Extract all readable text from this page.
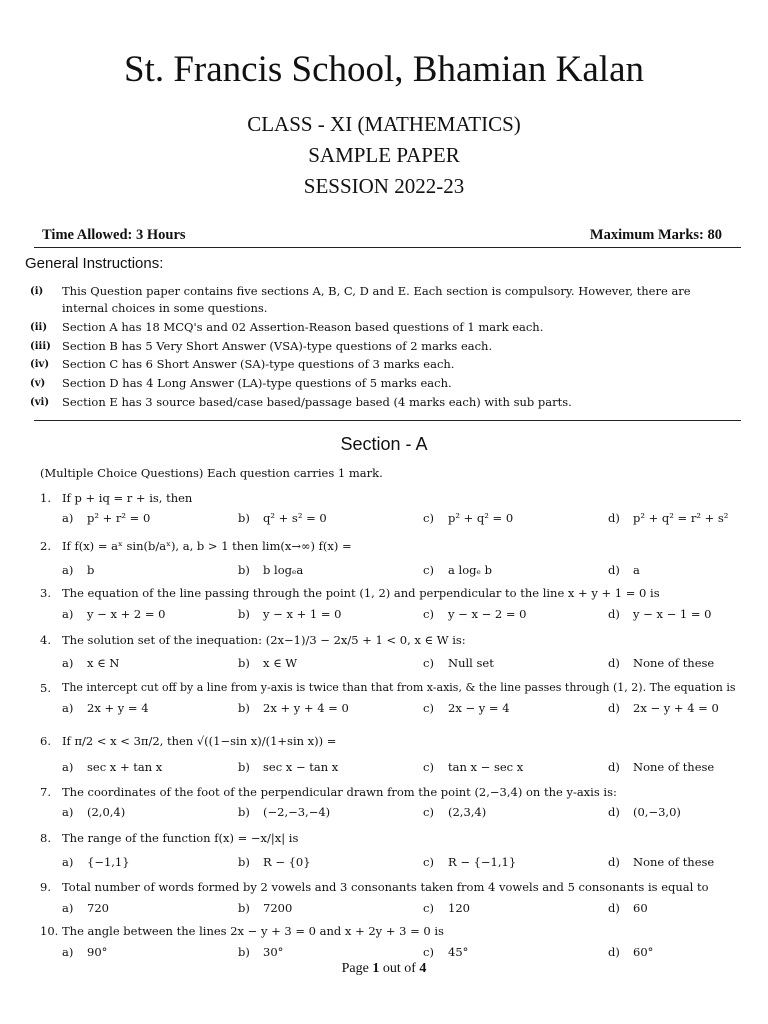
St. Francis School, Bhamian Kalan
CLASS - XI (MATHEMATICS)
SAMPLE PAPER
SESSION 2022-23
Time Allowed: 3 Hours	Maximum Marks: 80
General Instructions:
(i) This Question paper contains five sections A, B, C, D and E. Each section is compulsory. However, there are internal choices in some questions.
(ii) Section A has 18 MCQ's and 02 Assertion-Reason based questions of 1 mark each.
(iii) Section B has 5 Very Short Answer (VSA)-type questions of 2 marks each.
(iv) Section C has 6 Short Answer (SA)-type questions of 3 marks each.
(v) Section D has 4 Long Answer (LA)-type questions of 5 marks each.
(vi) Section E has 3 source based/case based/passage based (4 marks each) with sub parts.
Section - A
(Multiple Choice Questions) Each question carries 1 mark.
1. If p + iq = r + is, then
a) p² + r² = 0	b) q² + s² = 0	c) p² + q² = 0	d) p² + q² = r² + s²
2. If f(x) = aˣ sin(b/aˣ), a, b > 1 then lim(x→∞) f(x) =
a) b	b) b logₑa	c) a logₑ b	d) a
3. The equation of the line passing through the point (1, 2) and perpendicular to the line x + y + 1 = 0 is
a) y − x + 2 = 0	b) y − x + 1 = 0	c) y − x − 2 = 0	d) y − x − 1 = 0
4. The solution set of the inequation: (2x−1)/3 − 2x/5 + 1 < 0, x ∈ W is:
a) x ∈ N	b) x ∈ W	c) Null set	d) None of these
5. The intercept cut off by a line from y-axis is twice than that from x-axis, & the line passes through (1, 2). The equation is
a) 2x + y = 4	b) 2x + y + 4 = 0	c) 2x − y = 4	d) 2x − y + 4 = 0
6. If π/2 < x < 3π/2, then √((1−sin x)/(1+sin x)) =
a) sec x + tan x	b) sec x − tan x	c) tan x − sec x	d) None of these
7. The coordinates of the foot of the perpendicular drawn from the point (2,−3,4) on the y-axis is:
a) (2,0,4)	b) (−2,−3,−4)	c) (2,3,4)	d) (0,−3,0)
8. The range of the function f(x) = −x/|x| is
a) {−1,1}	b) R − {0}	c) R − {−1,1}	d) None of these
9. Total number of words formed by 2 vowels and 3 consonants taken from 4 vowels and 5 consonants is equal to
a) 720	b) 7200	c) 120	d) 60
10. The angle between the lines 2x − y + 3 = 0 and x + 2y + 3 = 0 is
a) 90°	b) 30°	c) 45°	d) 60°
Page 1 out of 4
